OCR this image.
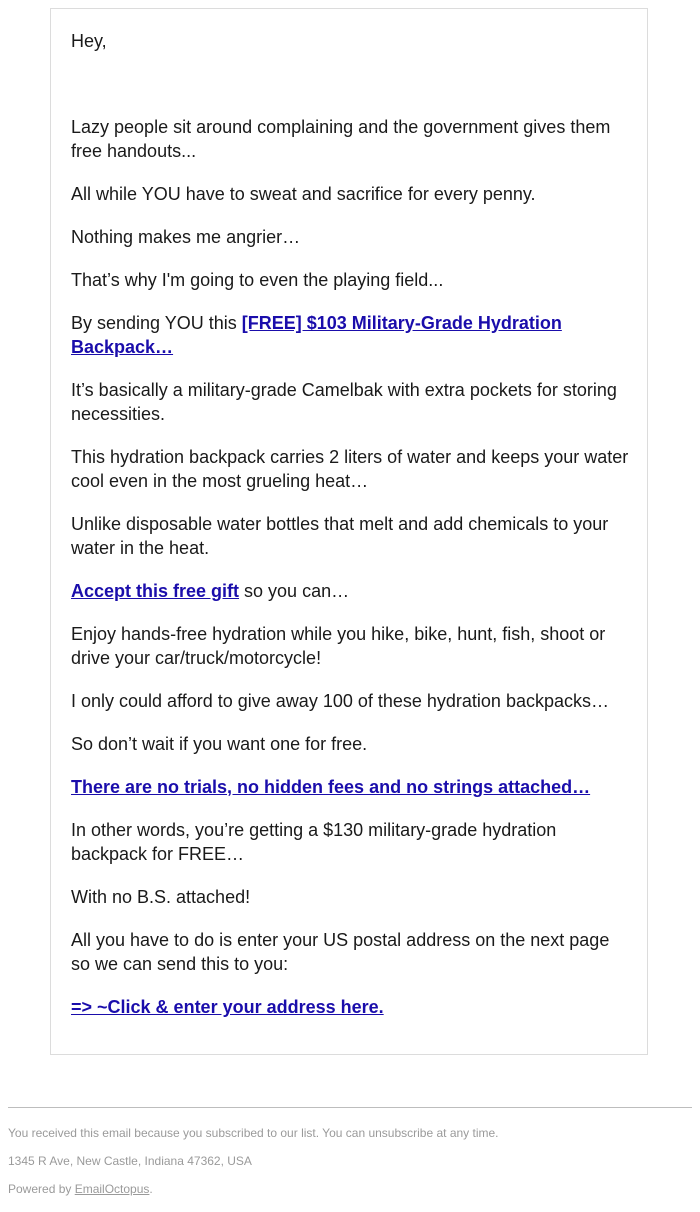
Hey,

Lazy people sit around complaining and the government gives them free handouts...

All while YOU have to sweat and sacrifice for every penny.

Nothing makes me angrier…

That’s why I'm going to even the playing field...

By sending YOU this [FREE] $103 Military-Grade Hydration Backpack…

It’s basically a military-grade Camelbak with extra pockets for storing necessities.

This hydration backpack carries 2 liters of water and keeps your water cool even in the most grueling heat…

Unlike disposable water bottles that melt and add chemicals to your water in the heat.

Accept this free gift so you can…

Enjoy hands-free hydration while you hike, bike, hunt, fish, shoot or drive your car/truck/motorcycle!

I only could afford to give away 100 of these hydration backpacks…

So don’t wait if you want one for free.

There are no trials, no hidden fees and no strings attached…

In other words, you’re getting a $130 military-grade hydration backpack for FREE…

With no B.S. attached!

All you have to do is enter your US postal address on the next page so we can send this to you:

=> ~Click & enter your address here.

You received this email because you subscribed to our list. You can unsubscribe at any time.

1345 R Ave, New Castle, Indiana 47362, USA

Powered by EmailOctopus.
